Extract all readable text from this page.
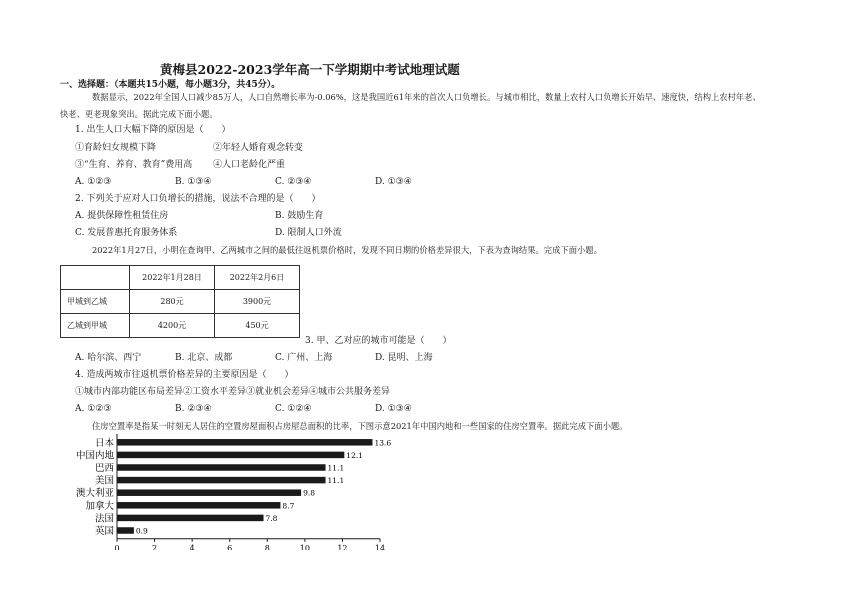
黄梅县2022-2023学年高一下学期期中考试地理试题
一、选择题：（本题共15小题，每小题3分，共45分）。
数据显示，2022年全国人口减少85万人，人口自然增长率为-0.06%，这是我国近61年来的首次人口负增长。与城市相比，数量上农村人口负增长开始早、速度快，结构上农村年老、
快老、更老现象突出。据此完成下面小题。
1. 出生人口大幅下降的原因是（　　）
①育龄妇女规模下降	②年轻人婚育观念转变
③“生育、养育、教育”费用高 ④人口老龄化严重
A. ①②③	B. ①③④	C. ②③④	D. ①③④
2. 下列关于应对人口负增长的措施，说法不合理的是（　　）
A. 提供保障性租赁住房	B. 鼓励生育
C. 发展普惠托育服务体系	D. 限制人口外流
2022年1月27日，小明在查询甲、乙两城市之间的最低往返机票价格时，发现不同日期的价格差异很大，下表为查询结果。完成下面小题。
	2022年1月28日	2022年2月6日
甲城到乙城	280元	3900元
乙城到甲城	4200元	450元
3. 甲、乙对应的城市可能是（　　）
A. 哈尔滨、西宁	B. 北京、成都	C. 广州、上海	D. 昆明、上海
4. 造成两城市往返机票价格差异的主要原因是（　　）
①城市内部功能区布局差异②工资水平差异③就业机会差异④城市公共服务差异
A. ①②③	B. ②③④	C. ①②④	D. ①③④
住房空置率是指某一时刻无人居住的空置房屋面积占房屋总面积的比率，下图示意2021年中国内地和一些国家的住房空置率。据此完成下面小题。
日本	13.6
中国内地	12.1
巴西	11.1
美国	11.1
澳大利亚	9.8
加拿大	8.7
法国	7.8
英国	0.9
0	2	4	6	8	10	12	14
